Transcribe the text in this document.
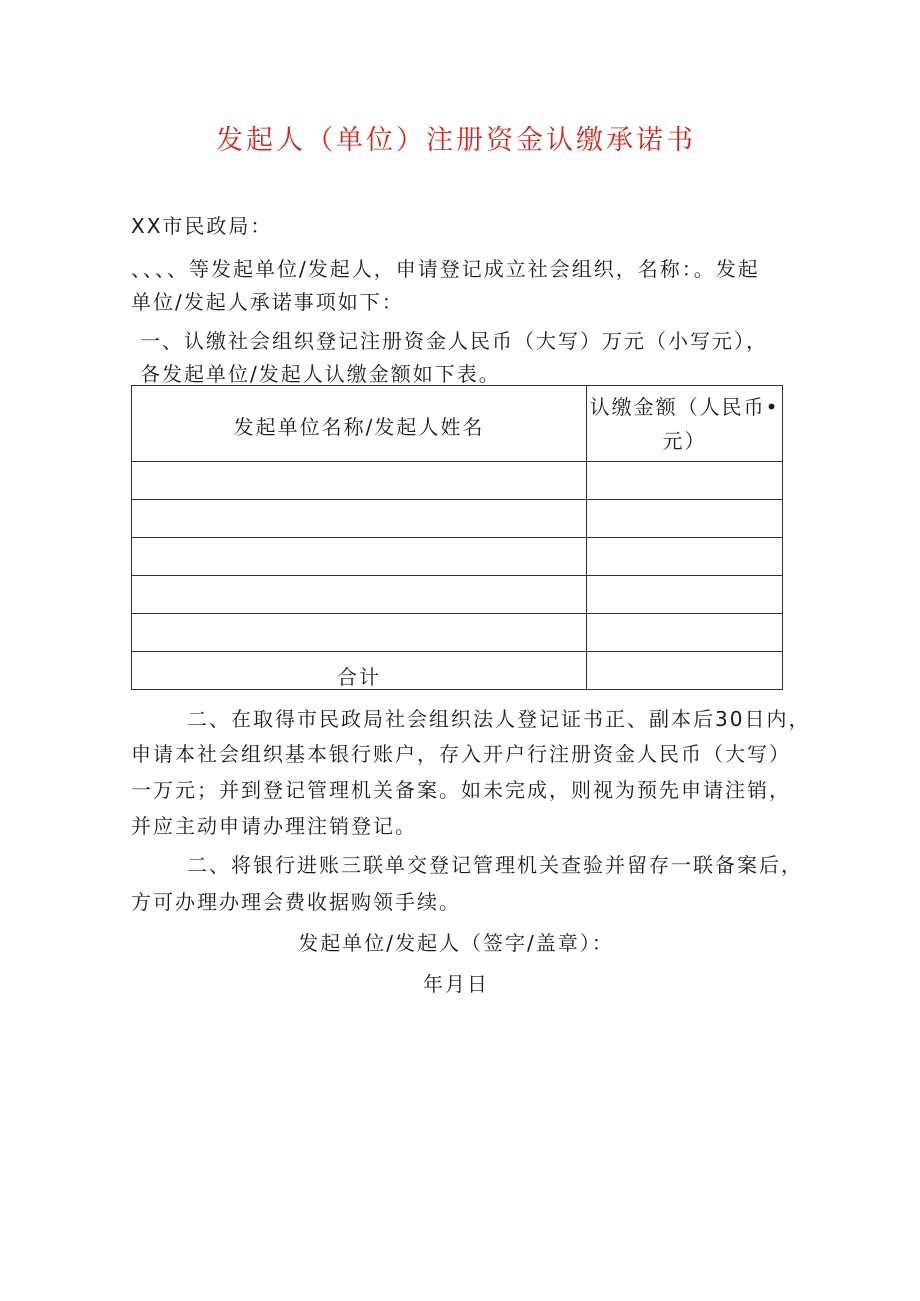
发起人（单位）注册资金认缴承诺书

XX市民政局：

、、、、等发起单位/发起人，申请登记成立社会组织，名称：。发起

单位/发起人承诺事项如下：

一、认缴社会组织登记注册资金人民币（大写）万元（小写元），

各发起单位/发起人认缴金额如下表。

发起单位名称/发起人姓名	认缴金额（人民币•
元）

合计	

二、在取得市民政局社会组织法人登记证书正、副本后30日内，

申请本社会组织基本银行账户，存入开户行注册资金人民币（大写）

一万元；并到登记管理机关备案。如未完成，则视为预先申请注销，

并应主动申请办理注销登记。

二、将银行进账三联单交登记管理机关查验并留存一联备案后，

方可办理办理会费收据购领手续。

发起单位/发起人（签字/盖章）：

年月日
